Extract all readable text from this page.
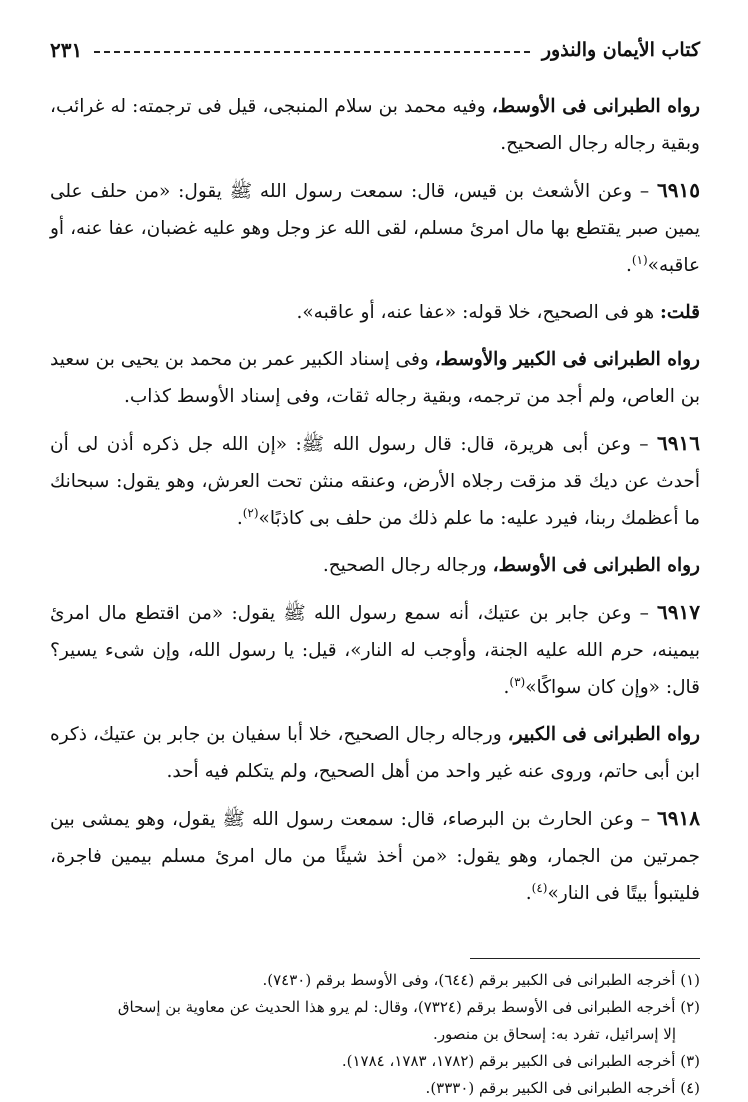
كتاب الأيمان والنذور
٢٣١

رواه الطبرانى فى الأوسط، وفيه محمد بن سلام المنبجى، قيل فى ترجمته: له غرائب، وبقية رجاله رجال الصحيح.

٦٩١٥ – وعن الأشعث بن قيس، قال: سمعت رسول الله ﷺ يقول: «من حلف على يمين صبر يقتطع بها مال امرئ مسلم، لقى الله عز وجل وهو عليه غضبان، عفا عنه، أو عاقبه»$^{(١)}$.

قلت: هو فى الصحيح، خلا قوله: «عفا عنه، أو عاقبه».

رواه الطبرانى فى الكبير والأوسط، وفى إسناد الكبير عمر بن محمد بن يحيى بن سعيد بن العاص، ولم أجد من ترجمه، وبقية رجاله ثقات، وفى إسناد الأوسط كذاب.

٦٩١٦ – وعن أبى هريرة، قال: قال رسول الله ﷺ: «إن الله جل ذكره أذن لى أن أحدث عن ديك قد مزقت رجلاه الأرض، وعنقه منثن تحت العرش، وهو يقول: سبحانك ما أعظمك ربنا، فيرد عليه: ما علم ذلك من حلف بى كاذبًا»$^{(٢)}$.

رواه الطبرانى فى الأوسط، ورجاله رجال الصحيح.

٦٩١٧ – وعن جابر بن عتيك، أنه سمع رسول الله ﷺ يقول: «من اقتطع مال امرئ بيمينه، حرم الله عليه الجنة، وأوجب له النار»، قيل: يا رسول الله، وإن شىء يسير؟ قال: «وإن كان سواكًا»$^{(٣)}$.

رواه الطبرانى فى الكبير، ورجاله رجال الصحيح، خلا أبا سفيان بن جابر بن عتيك، ذكره ابن أبى حاتم، وروى عنه غير واحد من أهل الصحيح، ولم يتكلم فيه أحد.

٦٩١٨ – وعن الحارث بن البرصاء، قال: سمعت رسول الله ﷺ يقول، وهو يمشى بين جمرتين من الجمار، وهو يقول: «من أخذ شيئًا من مال امرئ مسلم بيمين فاجرة، فليتبوأ بيتًا فى النار»$^{(٤)}$.

(١) أخرجه الطبرانى فى الكبير برقم (٦٤٤)، وفى الأوسط برقم (٧٤٣٠).

(٢) أخرجه الطبرانى فى الأوسط برقم (٧٣٢٤)، وقال: لم يرو هذا الحديث عن معاوية بن إسحاق

إلا إسرائيل، تفرد به: إسحاق بن منصور.

(٣) أخرجه الطبرانى فى الكبير برقم (١٧٨٢، ١٧٨٣، ١٧٨٤).

(٤) أخرجه الطبرانى فى الكبير برقم (٣٣٣٠).
